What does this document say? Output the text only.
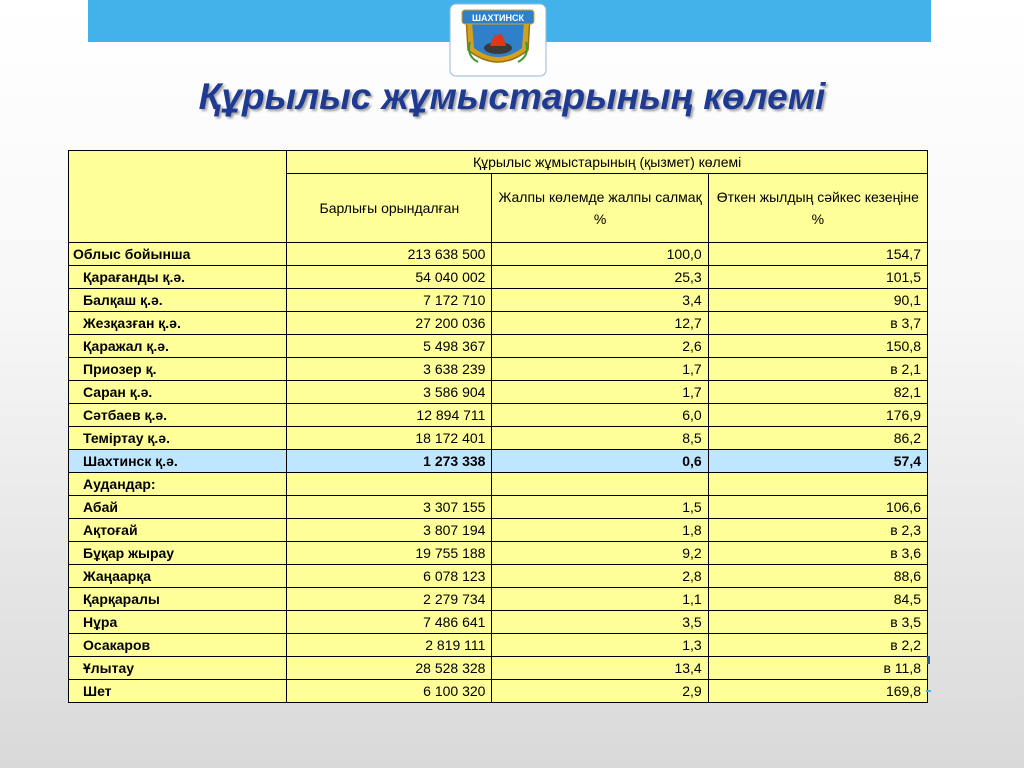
ШАХТИНСК
Құрылыс жұмыстарының көлемі
	Құрылыс жұмыстарының (қызмет) көлемі		
	Барлығы орындалған	Жалпы көлемде жалпы салмақ %	Өткен жылдың сәйкес кезеңіне %
Облыс бойынша	213 638 500	100,0	154,7
Қарағанды қ.ә.	54 040 002	25,3	101,5
Балқаш қ.ә.	7 172 710	3,4	90,1
Жезқазған қ.ә.	27 200 036	12,7	в 3,7
Қаражал қ.ә.	5 498 367	2,6	150,8
Приозер қ.	3 638 239	1,7	в 2,1
Саран қ.ә.	3 586 904	1,7	82,1
Сәтбаев қ.ә.	12 894 711	6,0	176,9
Теміртау қ.ә.	18 172 401	8,5	86,2
Шахтинск қ.ә.	1 273 338	0,6	57,4
Аудандар:			
Абай	3 307 155	1,5	106,6
Ақтоғай	3 807 194	1,8	в 2,3
Бұқар жырау	19 755 188	9,2	в 3,6
Жаңаарқа	6 078 123	2,8	88,6
Қарқаралы	2 279 734	1,1	84,5
Нұра	7 486 641	3,5	в 3,5
Осакаров	2 819 111	1,3	в 2,2
Ұлытау	28 528 328	13,4	в 11,8
Шет	6 100 320	2,9	169,8
